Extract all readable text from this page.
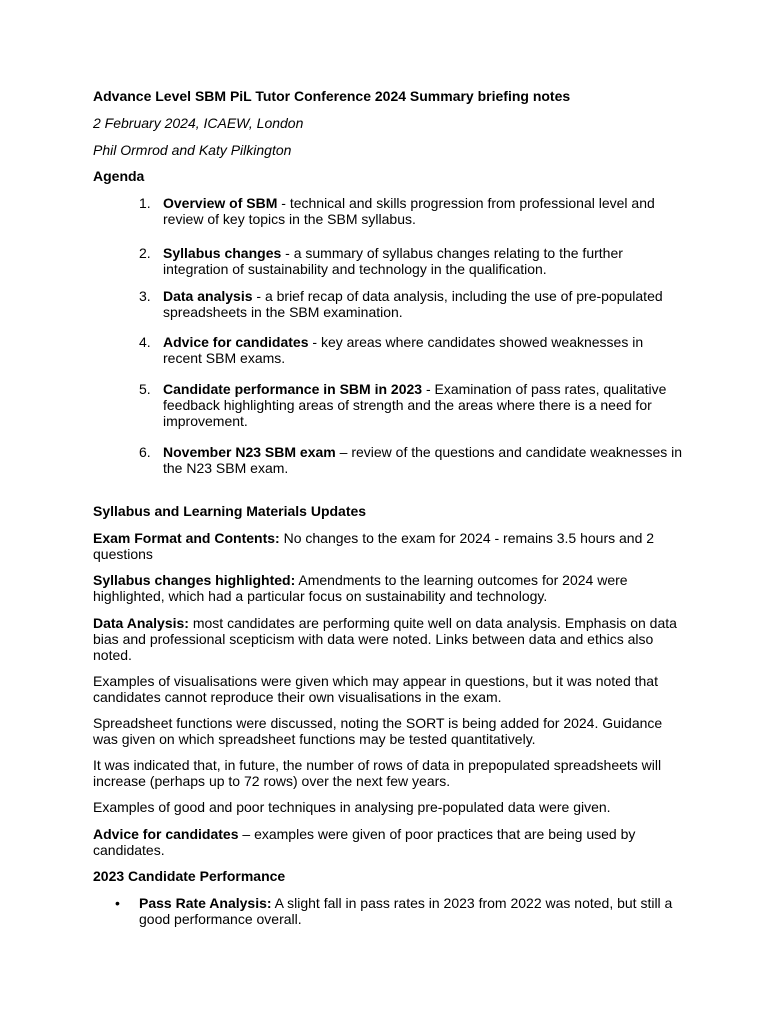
Advance Level SBM PiL Tutor Conference 2024 Summary briefing notes

2 February 2024, ICAEW, London

Phil Ormrod and Katy Pilkington

Agenda

1. Overview of SBM - technical and skills progression from professional level and review of key topics in the SBM syllabus.
2. Syllabus changes - a summary of syllabus changes relating to the further integration of sustainability and technology in the qualification.
3. Data analysis - a brief recap of data analysis, including the use of pre-populated spreadsheets in the SBM examination.
4. Advice for candidates - key areas where candidates showed weaknesses in recent SBM exams.
5. Candidate performance in SBM in 2023 - Examination of pass rates, qualitative feedback highlighting areas of strength and the areas where there is a need for improvement.
6. November N23 SBM exam – review of the questions and candidate weaknesses in the N23 SBM exam.

Syllabus and Learning Materials Updates

Exam Format and Contents: No changes to the exam for 2024 - remains 3.5 hours and 2 questions

Syllabus changes highlighted: Amendments to the learning outcomes for 2024 were highlighted, which had a particular focus on sustainability and technology.

Data Analysis: most candidates are performing quite well on data analysis. Emphasis on data bias and professional scepticism with data were noted. Links between data and ethics also noted.

Examples of visualisations were given which may appear in questions, but it was noted that candidates cannot reproduce their own visualisations in the exam.

Spreadsheet functions were discussed, noting the SORT is being added for 2024. Guidance was given on which spreadsheet functions may be tested quantitatively.

It was indicated that, in future, the number of rows of data in prepopulated spreadsheets will increase (perhaps up to 72 rows) over the next few years.

Examples of good and poor techniques in analysing pre-populated data were given.

Advice for candidates – examples were given of poor practices that are being used by candidates.

2023 Candidate Performance

• Pass Rate Analysis: A slight fall in pass rates in 2023 from 2022 was noted, but still a good performance overall.
